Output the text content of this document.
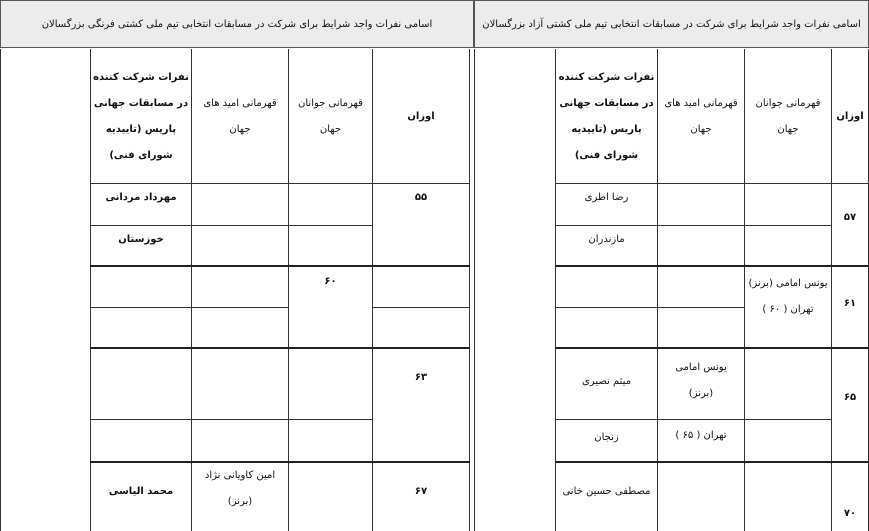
اسامی نفرات واجد شرایط برای شرکت در مسابقات انتخابی تیم ملی کشتی فرنگی بزرگسالان	اسامی نفرات واجد شرایط برای شرکت در مسابقات انتخابی تیم ملی کشتی آزاد بزرگسالان
نفرات شرکت کننده در مسابقات جهانی پاریس (تاییدیه شورای فنی)
قهرمانی امید های جهان
قهرمانی جوانان جهان
اوزان
مهرداد مردانی
خوزستان
۵۵
۶۰
۶۳
امین کاویانی نژاد
(برنز)
محمد الیاسی	۶۷
نفرات شرکت کننده در مسابقات جهانی پاریس (تاییدیه شورای فنی)
قهرمانی امید های جهان
قهرمانی جوانان جهان
اوزان
رضا اطری
مازندران
۵۷
یونس امامی (برنز)
تهران ( ۶۰ )
۶۱
یونس امامی
(برنز)
میثم نصیری
تهران ( ۶۵ )
زنجان
۶۵
مصطفی حسین خانی
۷۰
